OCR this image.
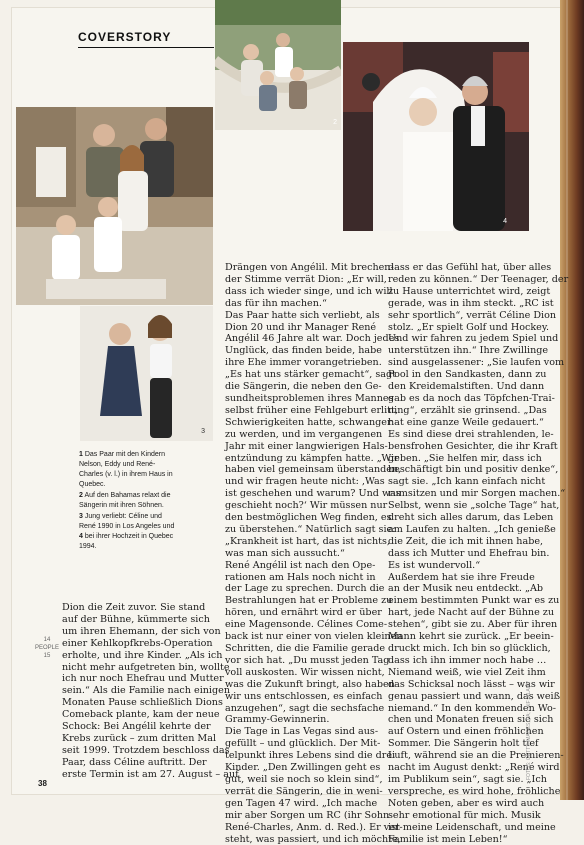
COVERSTORY
2
4
3
1 Das Paar mit den Kindern Nelson, Eddy und René-Charles (v. l.) in ihrem Haus in Quebec.
2 Auf den Bahamas relaxt die Sängerin mit ihren Söhnen.
3 Jung verliebt: Céline und René 1990 in Los Angeles und 4 bei ihrer Hochzeit in Quebec 1994.
Dion die Zeit zuvor. Sie stand
auf der Bühne, kümmerte sich
um ihren Ehemann, der sich von
einer Kehlkopfkrebs-Operation
erholte, und ihre Kinder. „Als ich
nicht mehr aufgetreten bin, wollte
ich nur noch Ehefrau und Mutter
sein.“ Als die Familie nach einigen
Monaten Pause schließlich Dions
Comeback plante, kam der neue
Schock: Bei Angélil kehrte der
Krebs zurück – zum dritten Mal
seit 1999. Trotzdem beschloss das
Paar, dass Céline auftritt. Der
erste Termin ist am 27. August – auf
Drängen von Angélil. Mit brechen-
der Stimme verrät Dion: „Er will,
dass ich wieder singe, und ich will
das für ihn machen.“
Das Paar hatte sich verliebt, als
Dion 20 und ihr Manager René
Angélil 46 Jahre alt war. Doch jedes
Unglück, das finden beide, habe
ihre Ehe immer vorangetrieben.
„Es hat uns stärker gemacht“, sagt
die Sängerin, die neben den Ge-
sundheitsproblemen ihres Mannes
selbst früher eine Fehlgeburt erlitt,
Schwierigkeiten hatte, schwanger
zu werden, und im vergangenen
Jahr mit einer langwierigen Hals-
entzündung zu kämpfen hatte. „Wir
haben viel gemeinsam überstanden,
und wir fragen heute nicht: ‚Was
ist geschehen und warum? Und was
geschieht noch?‘ Wir müssen nur
den bestmöglichen Weg finden, es
zu überstehen.“ Natürlich sagt sie:
„Krankheit ist hart, das ist nichts,
was man sich aussucht.“
René Angélil ist nach den Ope-
rationen am Hals noch nicht in
der Lage zu sprechen. Durch die
Bestrahlungen hat er Probleme zu
hören, und ernährt wird er über
eine Magensonde. Célines Come-
back ist nur einer von vielen kleinen
Schritten, die die Familie gerade
vor sich hat. „Du musst jeden Tag
voll auskosten. Wir wissen nicht,
was die Zukunft bringt, also haben
wir uns entschlossen, es einfach
anzugehen“, sagt die sechsfache
Grammy-Gewinnerin.
Die Tage in Las Vegas sind aus-
gefüllt – und glücklich. Der Mit-
telpunkt ihres Lebens sind die drei
Kinder. „Den Zwillingen geht es
gut, weil sie noch so klein sind“,
verrät die Sängerin, die in weni-
gen Tagen 47 wird. „Ich mache
mir aber Sorgen um RC (ihr Sohn
René-Charles, Anm. d. Red.). Er ver-
steht, was passiert, und ich möchte,
dass er das Gefühl hat, über alles
reden zu können.“ Der Teenager, der
zu Hause unterrichtet wird, zeigt
gerade, was in ihm steckt. „RC ist
sehr sportlich“, verrät Céline Dion
stolz. „Er spielt Golf und Hockey.
Und wir fahren zu jedem Spiel und
unterstützen ihn.“ Ihre Zwillinge
sind ausgelassener: „Sie laufen vom
Pool in den Sandkasten, dann zu
den Kreidemalstiften. Und dann
gab es da noch das Töpfchen-Trai-
ning“, erzählt sie grinsend. „Das
hat eine ganze Weile gedauert.“
Es sind diese drei strahlenden, le-
bensfrohen Gesichter, die ihr Kraft
geben. „Sie helfen mir, dass ich
beschäftigt bin und positiv denke“,
sagt sie. „Ich kann einfach nicht
rumsitzen und mir Sorgen machen.“
Selbst, wenn sie „solche Tage“ hat,
dreht sich alles darum, das Leben
am Laufen zu halten. „Ich genieße
die Zeit, die ich mit ihnen habe,
dass ich Mutter und Ehefrau bin.
Es ist wundervoll.“
Außerdem hat sie ihre Freude
an der Musik neu entdeckt. „Ab
einem bestimmten Punkt war es zu
hart, jede Nacht auf der Bühne zu
stehen“, gibt sie zu. Aber für ihren
Mann kehrt sie zurück. „Er beein-
druckt mich. Ich bin so glücklich,
dass ich ihn immer noch habe …
Niemand weiß, wie viel Zeit ihm
das Schicksal noch lässt – was wir
genau passiert und wann, das weiß
niemand.“ In den kommenden Wo-
chen und Monaten freuen sie sich
auf Ostern und einen fröhlichen
Sommer. Die Sängerin holt tief
Luft, während sie an die Premieren-
nacht im August denkt: „René wird
im Publikum sein“, sagt sie. „Ich
verspreche, es wird hohe, fröhliche
Noten geben, aber es wird auch
sehr emotional für mich. Musik
ist meine Leidenschaft, und meine
Familie ist mein Leben!“
14
PEOPLE
15
FOTOS: GETTY IMAGES; PA; LAIF; ALAMY
38
